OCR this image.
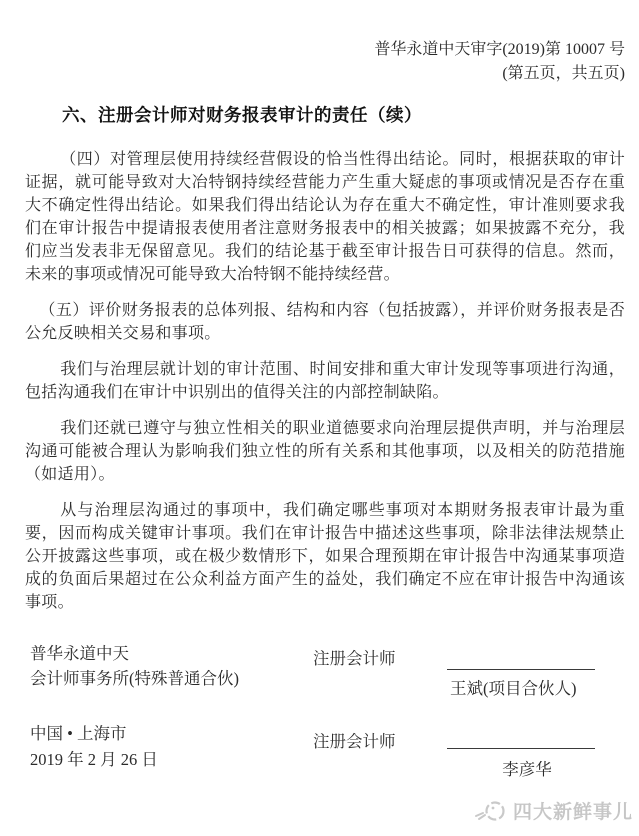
普华永道中天审字(2019)第 10007 号
(第五页，共五页)
六、注册会计师对财务报表审计的责任（续）

（四）对管理层使用持续经营假设的恰当性得出结论。同时，根据获取的审计证据，就可能导致对大冶特钢持续经营能力产生重大疑虑的事项或情况是否存在重大不确定性得出结论。如果我们得出结论认为存在重大不确定性，审计准则要求我们在审计报告中提请报表使用者注意财务报表中的相关披露；如果披露不充分，我们应当发表非无保留意见。我们的结论基于截至审计报告日可获得的信息。然而，未来的事项或情况可能导致大冶特钢不能持续经营。

（五）评价财务报表的总体列报、结构和内容（包括披露），并评价财务报表是否公允反映相关交易和事项。

我们与治理层就计划的审计范围、时间安排和重大审计发现等事项进行沟通，包括沟通我们在审计中识别出的值得关注的内部控制缺陷。

我们还就已遵守与独立性相关的职业道德要求向治理层提供声明，并与治理层沟通可能被合理认为影响我们独立性的所有关系和其他事项，以及相关的防范措施（如适用）。

从与治理层沟通过的事项中，我们确定哪些事项对本期财务报表审计最为重要，因而构成关键审计事项。我们在审计报告中描述这些事项，除非法律法规禁止公开披露这些事项，或在极少数情形下，如果合理预期在审计报告中沟通某事项造成的负面后果超过在公众利益方面产生的益处，我们确定不应在审计报告中沟通该事项。

普华永道中天
会计师事务所(特殊普通合伙)
注册会计师
王斌(项目合伙人)
中国 • 上海市
2019 年 2 月 26 日
注册会计师
李彦华
四大新鲜事儿
